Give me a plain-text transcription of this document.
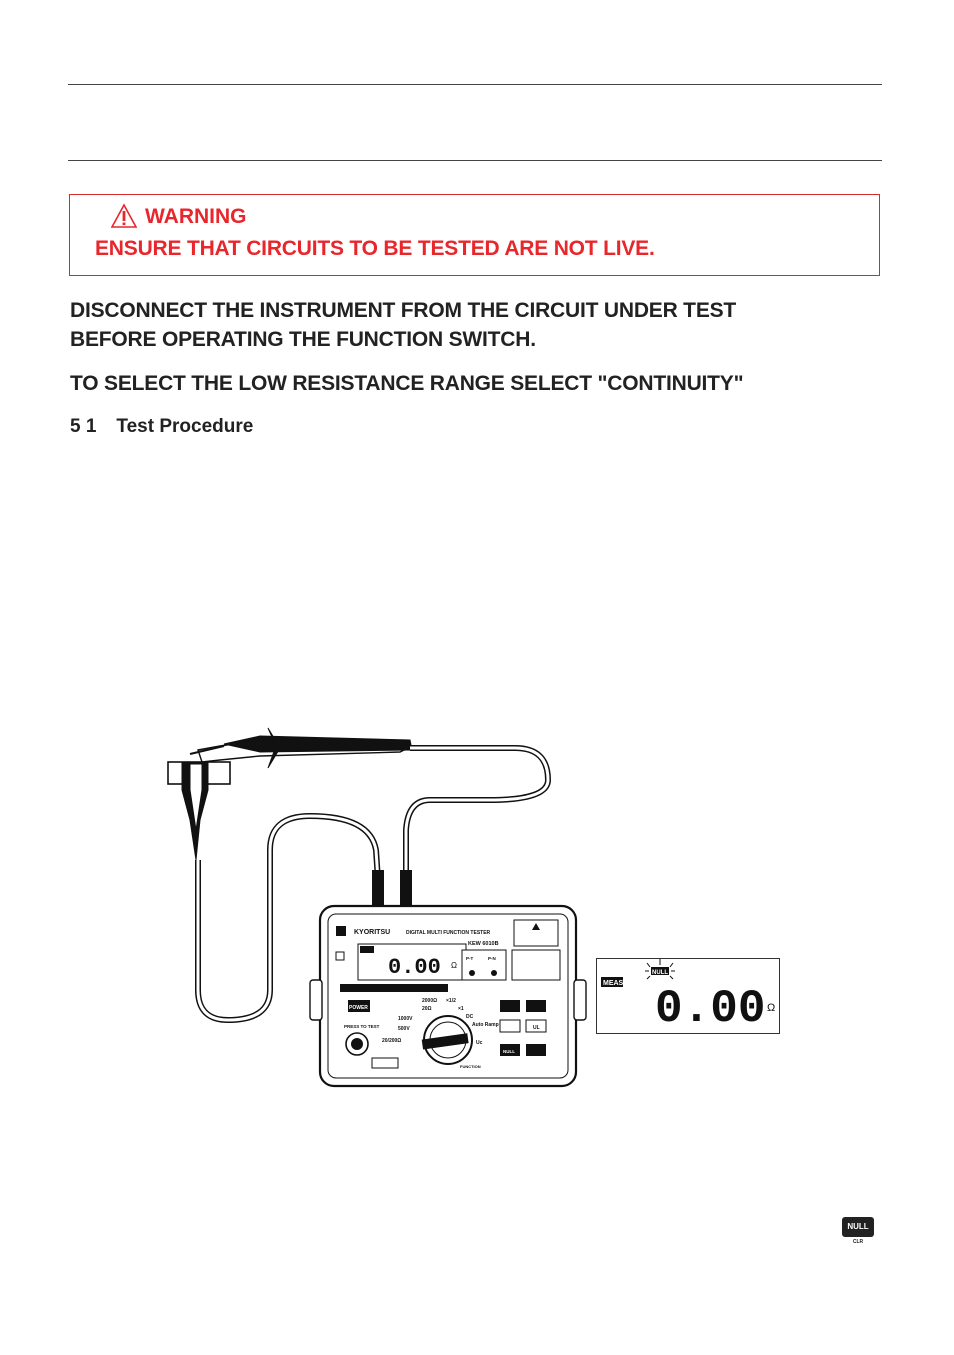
WARNING
ENSURE THAT CIRCUITS TO BE TESTED ARE NOT LIVE.
DISCONNECT THE INSTRUMENT FROM THE CIRCUIT UNDER TEST
BEFORE OPERATING THE FUNCTION SWITCH.
TO SELECT THE LOW RESISTANCE RANGE SELECT "CONTINUITY"
5 1 Test Procedure
KYORITSU	DIGITAL MULTI FUNCTION TESTER
KEW 6010B
0.00 Ω
POWER
2000Ω ×1/2
20Ω	×1
DC
Auto Ramp
Uc
1000V
500V
20/200Ω
PRESS TO TEST
NULL
UL
P-T	P-N
FUNCTION
MEAS
NULL
0.00 Ω
NULL
CLR
